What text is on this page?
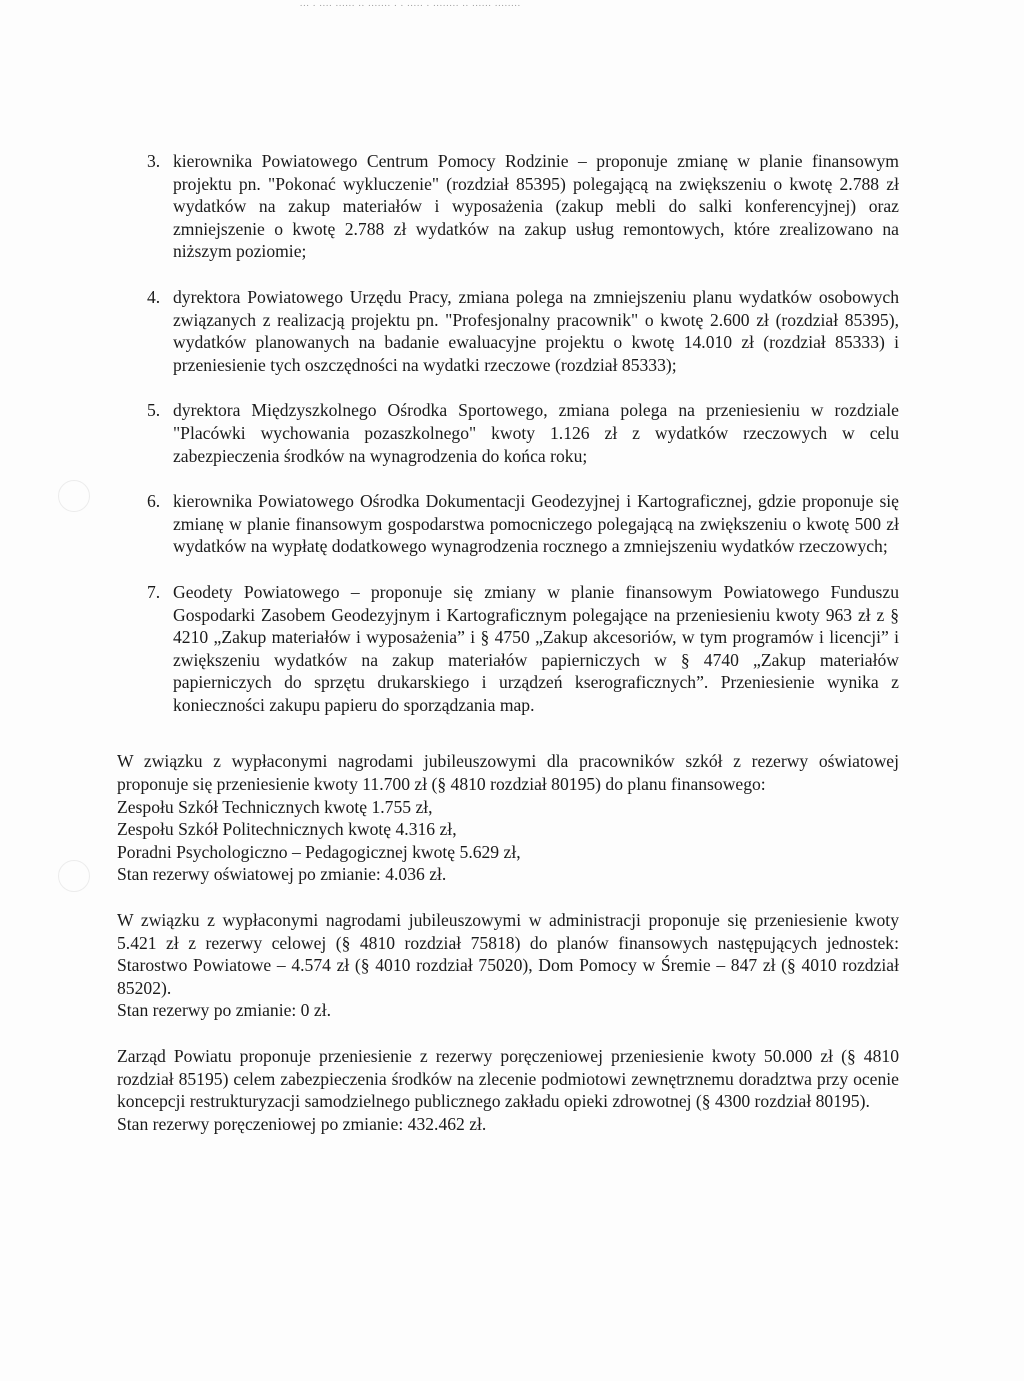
... . .... ...... .. ....... . . ..... . ........ .. ...... ........
3. kierownika Powiatowego Centrum Pomocy Rodzinie – proponuje zmianę w planie finansowym projektu pn. "Pokonać wykluczenie" (rozdział 85395) polegającą na zwiększeniu o kwotę 2.788 zł wydatków na zakup materiałów i wyposażenia (zakup mebli do salki konferencyjnej) oraz zmniejszenie o kwotę 2.788 zł wydatków na zakup usług remontowych, które zrealizowano na niższym poziomie;
4. dyrektora Powiatowego Urzędu Pracy, zmiana polega na zmniejszeniu planu wydatków osobowych związanych z realizacją projektu pn. "Profesjonalny pracownik" o kwotę 2.600 zł (rozdział 85395), wydatków planowanych na badanie ewaluacyjne projektu o kwotę 14.010 zł (rozdział 85333) i przeniesienie tych oszczędności na wydatki rzeczowe (rozdział 85333);
5. dyrektora Międzyszkolnego Ośrodka Sportowego, zmiana polega na przeniesieniu w rozdziale "Placówki wychowania pozaszkolnego" kwoty 1.126 zł z wydatków rzeczowych w celu zabezpieczenia środków na wynagrodzenia do końca roku;
6. kierownika Powiatowego Ośrodka Dokumentacji Geodezyjnej i Kartograficznej, gdzie proponuje się zmianę w planie finansowym gospodarstwa pomocniczego polegającą na zwiększeniu o kwotę 500 zł wydatków na wypłatę dodatkowego wynagrodzenia rocznego a zmniejszeniu wydatków rzeczowych;
7. Geodety Powiatowego – proponuje się zmiany w planie finansowym Powiatowego Funduszu Gospodarki Zasobem Geodezyjnym i Kartograficznym polegające na przeniesieniu kwoty 963 zł z § 4210 „Zakup materiałów i wyposażenia” i § 4750 „Zakup akcesoriów, w tym programów i licencji” i zwiększeniu wydatków na zakup materiałów papierniczych w § 4740 „Zakup materiałów papierniczych do sprzętu drukarskiego i urządzeń kserograficznych”. Przeniesienie wynika z konieczności zakupu papieru do sporządzania map.
W związku z wypłaconymi nagrodami jubileuszowymi dla pracowników szkół z rezerwy oświatowej proponuje się przeniesienie kwoty 11.700 zł (§ 4810 rozdział 80195) do planu finansowego:
Zespołu Szkół Technicznych kwotę 1.755 zł,
Zespołu Szkół Politechnicznych kwotę 4.316 zł,
Poradni Psychologiczno – Pedagogicznej kwotę 5.629 zł,
Stan rezerwy oświatowej po zmianie: 4.036 zł.
W związku z wypłaconymi nagrodami jubileuszowymi w administracji proponuje się przeniesienie kwoty 5.421 zł z rezerwy celowej (§ 4810 rozdział 75818) do planów finansowych następujących jednostek: Starostwo Powiatowe – 4.574 zł (§ 4010 rozdział 75020), Dom Pomocy w Śremie – 847 zł (§ 4010 rozdział 85202).
Stan rezerwy po zmianie: 0 zł.
Zarząd Powiatu proponuje przeniesienie z rezerwy poręczeniowej przeniesienie kwoty 50.000 zł (§ 4810 rozdział 85195) celem zabezpieczenia środków na zlecenie podmiotowi zewnętrznemu doradztwa przy ocenie koncepcji restrukturyzacji samodzielnego publicznego zakładu opieki zdrowotnej (§ 4300 rozdział 80195).
Stan rezerwy poręczeniowej po zmianie: 432.462 zł.
